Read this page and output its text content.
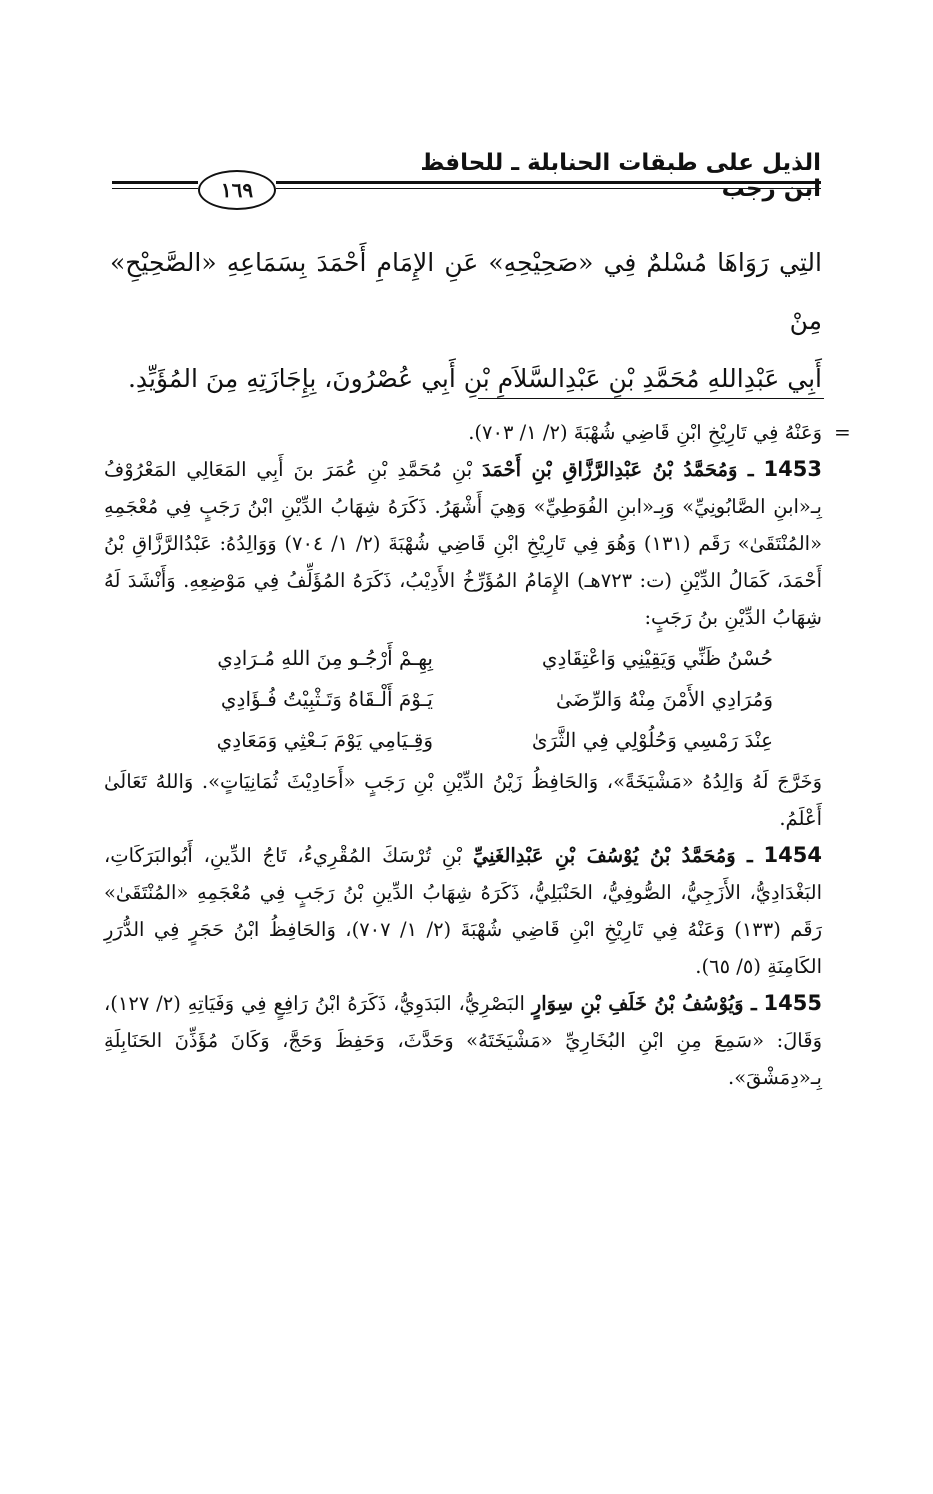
الذيل على طبقات الحنابلة ـ للحافظ ابن رجب
١٦٩

التِي رَوَاهَا مُسْلمٌ فِي «صَحِيْحِهِ» عَنِ الإِمَامِ أَحْمَدَ بِسَمَاعِهِ «الصَّحِيْحِ» مِنْ

أَبِي عَبْدِاللهِ مُحَمَّدِ بْنِ عَبْدِالسَّلاَمِ بْنِ أَبِي عُصْرُونَ، بِإِجَازَتِهِ مِنَ المُؤَيِّدِ.

=

وَعَنْهُ فِي تَارِيْخِ ابْنِ قَاضِي شُهْبَةَ (٢/ ١/ ٧٠٣).

1453 ـ وَمُحَمَّدُ بْنُ عَبْدِالرَّزَّاقِ بْنِ أَحْمَدَ بْنِ مُحَمَّدِ بْنِ عُمَرَ بنَ أَبِي المَعَالِي المَعْرُوْفُ بِـ«ابنِ الصَّابُونِيِّ» وَبِـ«ابنِ الفُوَطِيِّ» وَهِيَ أَشْهَرُ. ذَكَرَهُ شِهَابُ الدِّيْنِ ابْنُ رَجَبٍ فِي مُعْجَمِهِ «المُنْتَقَىٰ» رَقَم (١٣١) وَهُوَ فِي تَارِيْخِ ابْنِ قَاضِي شُهْبَةَ (٢/ ١/ ٧٠٤) وَوَالِدُهُ: عَبْدُالرَّزَّاقِ بْنُ أَحْمَدَ، كَمَالُ الدِّيْنِ (ت: ٧٢٣هـ) الإِمَامُ المُؤَرِّخُ الأَدِيْبُ، ذَكَرَهُ المُؤَلِّفُ فِي مَوْضِعِهِ. وَأَنْشَدَ لَهُ شِهَابُ الدِّيْنِ بنُ رَجَبٍ:

حُسْنُ ظَنِّي وَيَقِيْنِي وَاعْتِقَادِي
بِهِـمْ أَرْجُـو مِنَ اللهِ مُـرَادِي
وَمُرَادِي الأَمْنَ مِنْهُ وَالرِّضَىٰ
يَـوْمَ أَلْـقَاهُ وَتَـثْبِيْتُ فُـؤَادِي
عِنْدَ رَمْسِي وَحُلُوْلِي فِي الثَّرَىٰ
وَقِـيَامِي يَوْمَ بَـعْثِي وَمَعَادِي

وَخَرَّجَ لَهُ وَالِدُهُ «مَشْيَخَةً»، وَالحَافِظُ زَيْنُ الدِّيْنِ بْنِ رَجَبٍ «أَحَادِيْثَ ثُمَانِيَاتٍ». وَاللهُ تَعَالَىٰ أَعْلَمُ.

1454 ـ وَمُحَمَّدُ بْنُ يُوْسُفَ بْنِ عَبْدِالغَنِيِّ بْنِ تُرْسَكَ المُقْرِيءُ، تَاجُ الدِّينِ، أَبُوالبَرَكَاتِ، البَغْدَادِيُّ، الأَزَجِيُّ، الصُّوفِيُّ، الحَنْبَلِيُّ، ذَكَرَهُ شِهَابُ الدِّينِ بْنُ رَجَبٍ فِي مُعْجَمِهِ «المُنْتَقَىٰ» رَقَم (١٣٣) وَعَنْهُ فِي تَارِيْخِ ابْنِ قَاضِي شُهْبَةَ (٢/ ١/ ٧٠٧)، وَالحَافِظُ ابْنُ حَجَرٍ فِي الدُّرَرِ الكَامِنَةِ (٥/ ٦٥).

1455 ـ وَيُوْسُفُ بْنُ خَلَفِ بْنِ سِوَارٍ البَصْرِيُّ، البَدَوِيُّ، ذَكَرَهُ ابْنُ رَافِعٍ فِي وَفَيَاتِهِ (٢/ ١٢٧)، وَقَالَ: «سَمِعَ مِنِ ابْنِ البُخَارِيِّ «مَشْيَخَتَهُ» وَحَدَّثَ، وَحَفِظَ وَحَجَّ، وَكَانَ مُؤَذِّنَ الحَنَابِلَةِ بِـ«دِمَشْقَ».
